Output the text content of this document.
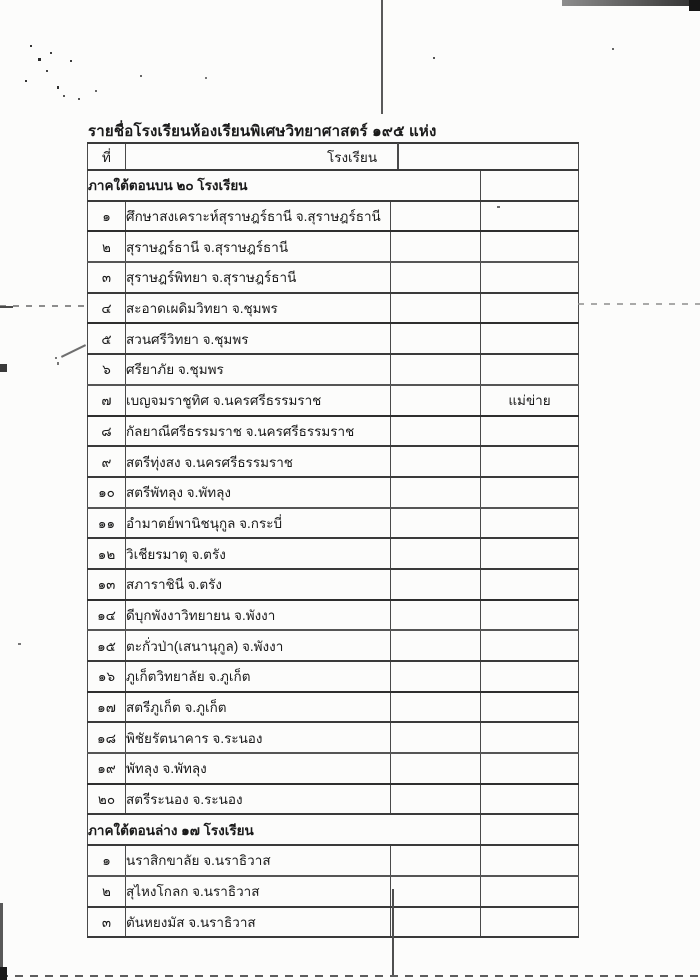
รายชื่อโรงเรียนห้องเรียนพิเศษวิทยาศาสตร์ ๑๙๕ แห่ง
ที่	โรงเรียน		
ภาคใต้ตอนบน ๒๐ โรงเรียน			
๑	ศึกษาสงเคราะห์สุราษฎร์ธานี จ.สุราษฎร์ธานี		
๒	สุราษฎร์ธานี จ.สุราษฎร์ธานี		
๓	สุราษฎร์พิทยา จ.สุราษฎร์ธานี		
๔	สะอาดเผดิมวิทยา จ.ชุมพร		
๕	สวนศรีวิทยา จ.ชุมพร		
๖	ศรียาภัย จ.ชุมพร		
๗	เบญจมราชูทิศ จ.นครศรีธรรมราช		แม่ข่าย
๘	กัลยาณีศรีธรรมราช จ.นครศรีธรรมราช		
๙	สตรีทุ่งสง จ.นครศรีธรรมราช		
๑๐	สตรีพัทลุง จ.พัทลุง		
๑๑	อำมาตย์พานิชนุกูล จ.กระบี่		
๑๒	วิเชียรมาตุ จ.ตรัง		
๑๓	สภาราชินี จ.ตรัง		
๑๔	ดีบุกพังงาวิทยายน จ.พังงา		
๑๕	ตะกั่วป่า(เสนานุกูล) จ.พังงา		
๑๖	ภูเก็ตวิทยาลัย จ.ภูเก็ต		
๑๗	สตรีภูเก็ต จ.ภูเก็ต		
๑๘	พิชัยรัตนาคาร จ.ระนอง		
๑๙	พัทลุง จ.พัทลุง		
๒๐	สตรีระนอง จ.ระนอง		
ภาคใต้ตอนล่าง ๑๗ โรงเรียน			
๑	นราสิกขาลัย จ.นราธิวาส		
๒	สุไหงโกลก จ.นราธิวาส		
๓	ตันหยงมัส จ.นราธิวาส		
